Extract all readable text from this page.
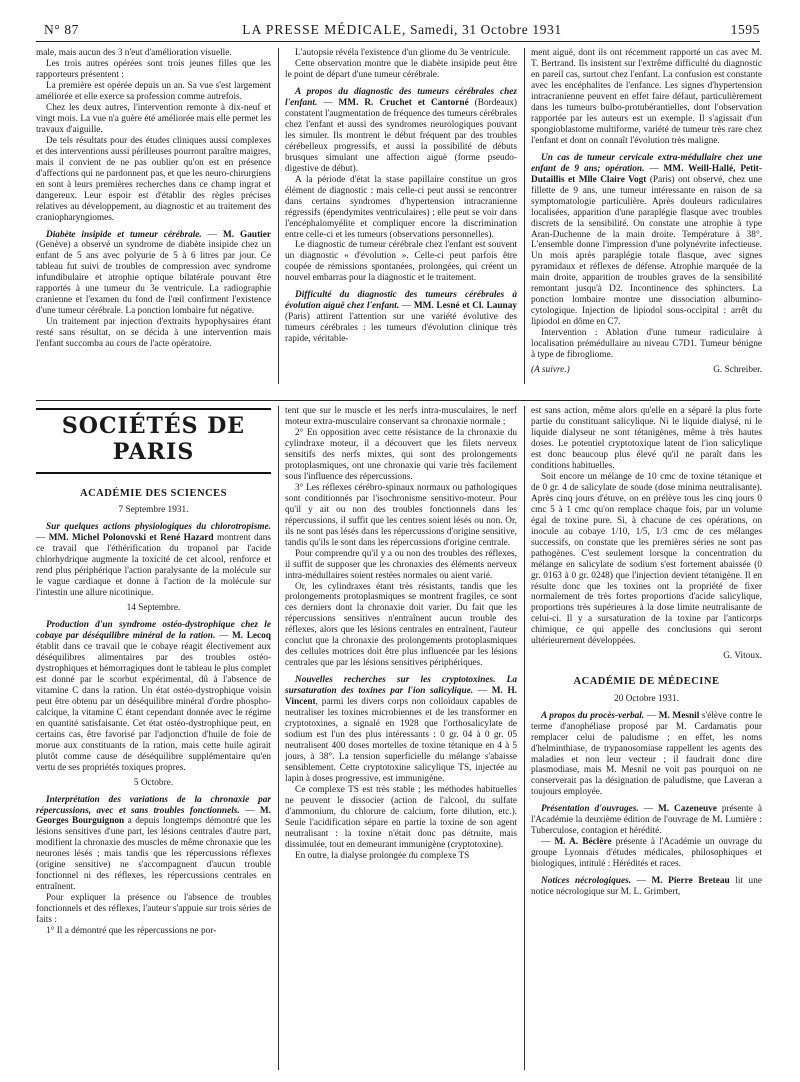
N° 87	LA PRESSE MÉDICALE, Samedi, 31 Octobre 1931	1595

male, mais aucun des 3 n'eut d'amélioration visuelle.

Les trois autres opérées sont trois jeunes filles que les rapporteurs présentent :

La première est opérée depuis un an. Sa vue s'est largement améliorée et elle exerce sa profession comme autrefois.

Chez les deux autres, l'intervention remonte à dix-neuf et vingt mois. La vue n'a guère été améliorée mais elle permet les travaux d'aiguille.

De tels résultats pour des études cliniques aussi complexes et des interventions aussi périlleuses pourront paraître maigres, mais il convient de ne pas oublier qu'on est en présence d'affections qui ne pardonnent pas, et que les neuro-chirurgiens en sont à leurs premières recherches dans ce champ ingrat et dangereux. Leur espoir est d'établir des règles précises relatives au développement, au diagnostic et au traitement des craniopharyngiomes.

Diabète insipide et tumeur cérébrale. — M. Gautier (Genève) a observé un syndrome de diabète insipide chez un enfant de 5 ans avec polyurie de 5 à 6 litres par jour. Ce tableau fut suivi de troubles de compression avec syndrome infundibulaire et atrophie optique bilatérale pouvant être rapportés à une tumeur du 3e ventricule. La radiographie cranienne et l'examen du fond de l'œil confirment l'existence d'une tumeur cérébrale. La ponction lombaire fut négative.

Un traitement par injection d'extraits hypophysaires étant resté sans résultat, on se décida à une intervention mais l'enfant succomba au cours de l'acte opératoire.

L'autopsie révéla l'existence d'un gliome du 3e ventricule.

Cette observation montre que le diabète insipide peut être le point de départ d'une tumeur cérébrale.

A propos du diagnostic des tumeurs cérébrales chez l'enfant. — MM. R. Cruchet et Cantorné (Bordeaux) constatent l'augmentation de fréquence des tumeurs cérébrales chez l'enfant et aussi des syndromes neurologiques pouvant les simuler. Ils montrent le début fréquent par des troubles cérébelleux progressifs, et aussi la possibilité de débuts brusques simulant une affection aiguë (forme pseudo-digestive de début).

A la période d'état la stase papillaire constitue un gros élément de diagnostic : mais celle-ci peut aussi se rencontrer dans certains syndromes d'hypertension intracranienne régressifs (épendymites ventriculaires) ; elle peut se voir dans l'encéphalomyélite et compliquer encore la discrimination entre celle-ci et les tumeurs (observations personnelles).

Le diagnostic de tumeur cérébrale chez l'enfant est souvent un diagnostic « d'évolution ». Celle-ci peut parfois être coupée de rémissions spontanées, prolongées, qui créent un nouvel embarras pour la diagnostic et le traitement.

Difficulté du diagnostic des tumeurs cérébrales à évolution aiguë chez l'enfant. — MM. Lesné et Cl. Launay (Paris) attirent l'attention sur une variété évolutive des tumeurs cérébrales : les tumeurs d'évolution clinique très rapide, véritable-

ment aiguë, dont ils ont récemment rapporté un cas avec M. T. Bertrand. Ils insistent sur l'extrême difficulté du diagnostic en pareil cas, surtout chez l'enfant. La confusion est constante avec les encéphalites de l'enfance. Les signes d'hypertension intracranienne peuvent en effet faire défaut, particulièrement dans les tumeurs bulbo-protubérantielles, dont l'observation rapportée par les auteurs est un exemple. Il s'agissait d'un spongioblastome multiforme, variété de tumeur très rare chez l'enfant et dont on connaît l'évolution très maligne.

Un cas de tumeur cervicale extra-médullaire chez une enfant de 9 ans; opération. — MM. Weill-Hallé, Petit-Dutaillis et Mlle Claire Vogt (Paris) ont observé, chez une fillette de 9 ans, une tumeur intéressante en raison de sa symptomatologie particulière. Après douleurs radiculaires localisées, apparition d'une paraplégie flasque avec troubles discrets de la sensibilité. On constate une atrophie à type Aran-Duchenne de la main droite. Température à 38°. L'ensemble donne l'impression d'une polynévrite infectieuse. Un mois après paraplégie totale flasque, avec signes pyramidaux et réflexes de défense. Atrophie marquée de la main droite, apparition de troubles graves de la sensibilité remontant jusqu'à D2. Incontinence des sphincters. La ponction lombaire montre une dissociation albumino-cytologique. Injection de lipiodol sous-occipital : arrêt du lipiodol en dôme en C7.

Intervention : Ablation d'une tumeur radiculaire à localisation prémédullaire au niveau C7D1. Tumeur bénigne à type de fibrogliome.

(A suivre.)	G. Schreiber.
SOCIÉTÉS DE PARIS
ACADÉMIE DES SCIENCES
7 Septembre 1931.

Sur quelques actions physiologiques du chlorotropisme. — MM. Michel Polonovski et René Hazard montrent dans ce travail que l'éthérification du tropanol par l'acide chlorhydrique augmente la toxicité de cet alcool, renforce et rend plus périphérique l'action paralysante de la molécule sur le vague cardiaque et donne à l'action de la molécule sur l'intestin une allure nicotinique.

14 Septembre.

Production d'un syndrome ostéo-dystrophique chez le cobaye par déséquilibre minéral de la ration. — M. Lecoq établit dans ce travail que le cobaye réagit électivement aux déséquilibres alimentaires par des troubles ostéo-dystrophiques et hémorragiques dont le tableau le plus complet est donné par le scorbut expérimental, dû à l'absence de vitamine C dans la ration. Un état ostéo-dystrophique voisin peut être obtenu par un déséquilibre minéral d'ordre phospho-calcique, la vitamine C étant cependant donnée avec le régime en quantité satisfaisante. Cet état ostéo-dystrophique peut, en certains cas, être favorisé par l'adjonction d'huile de foie de morue aux constituants de la ration, mais cette huile agirait plutôt comme cause de déséquilibre supplémentaire qu'en vertu de ses propriétés toxiques propres.

5 Octobre.

Interprétation des variations de la chronaxie par répercussions, avec et sans troubles fonctionnels. — M. Georges Bourguignon a depuis longtemps démontré que les lésions sensitives d'une part, les lésions centrales d'autre part, modifient la chronaxie des muscles de même chronaxie que les neurones lésés ; mais tandis que les répercussions réflexes (origine sensitive) ne s'accompagnent d'aucun trouble fonctionnel ni des réflexes, les répercussions centrales en entraînent.

Pour expliquer la présence ou l'absence de troubles fonctionnels et des réflexes, l'auteur s'appuie sur trois séries de faits :

1° Il a démontré que les répercussions ne por-

tent que sur le muscle et les nerfs intra-musculaires, le nerf moteur extra-musculaire conservant sa chronaxie normale ;

2° En opposition avec cette résistance de la chronaxie du cylindraxe moteur, il a découvert que les filets nerveux sensitifs des nerfs mixtes, qui sont des prolongements protoplasmiques, ont une chronaxie qui varie très facilement sous l'influence des répercussions.

3° Les réflexes cérébro-spinaux normaux ou pathologiques sont conditionnés par l'isochronisme sensitivo-moteur. Pour qu'il y ait ou non des troubles fonctionnels dans les répercussions, il suffit que les centres soient lésés ou non. Or, ils ne sont pas lésés dans les répercussions d'origine sensitive, tandis qu'ils le sont dans les répercussions d'origine centrale.

Pour comprendre qu'il y a ou non des troubles des réflexes, il suffit de supposer que les chronaxies des éléments nerveux intra-médullaires soient restées normales ou aient varié.

Or, les cylindraxes étant très résistants, tandis que les prolongements protoplasmiques se montrent fragiles, ce sont ces derniers dont la chronaxie doit varier. Du fait que les répercussions sensitives n'entraînent aucun trouble des réflexes, alors que les lésions centrales en entraînent, l'auteur conclut que la chronaxie des prolongements protoplasmiques des cellules motrices doit être plus influencée par les lésions centrales que par les lésions sensitives périphériques.

Nouvelles recherches sur les cryptotoxines. La sursaturation des toxines par l'ion salicylique. — M. H. Vincent, parmi les divers corps non colloïdaux capables de neutraliser les toxines microbiennes et de les transformer en cryptotoxines, a signalé en 1928 que l'orthosalicylate de sodium est l'un des plus intéressants : 0 gr. 04 à 0 gr. 05 neutralisent 400 doses mortelles de toxine tétanique en 4 à 5 jours, à 38°. La tension superficielle du mélange s'abaisse sensiblement. Cette cryptotoxine salicylique TS, injectée au lapin à doses progressive, est immunigène.

Ce complexe TS est très stable ; les méthodes habituelles ne peuvent le dissocier (action de l'alcool, du sulfate d'ammonium, du chlorure de calcium, forte dilution, etc.). Seule l'acidification sépare en partie la toxine de son agent neutralisant : la toxine n'était donc pas détruite, mais dissimulée, tout en demeurant immunigène (cryptotoxine).

En outre, la dialyse prolongée du complexe TS

est sans action, même alors qu'elle en a séparé la plus forte partie du constituant salicylique. Ni le liquide dialysé, ni le liquide dialyseur ne sont tétanigènes, même à très hautes doses. Le potentiel cryptotoxique latent de l'ion salicylique est donc beaucoup plus élevé qu'il ne paraît dans les conditions habituelles.

Soit encore un mélange de 10 cmc de toxine tétanique et de 0 gr. 4 de salicylate de soude (dose minima neutralisante). Après cinq jours d'étuve, on en prélève tous les cinq jours 0 cmc 5 à 1 cmc qu'on remplace chaque fois, par un volume égal de toxine pure. Si, à chacune de ces opérations, on inocule au cobaye 1/10, 1/5, 1/3 cmc de ces mélanges successifs, on constate que les premières séries ne sont pas pathogènes. C'est seulement lorsque la concentration du mélange en salicylate de sodium s'est fortement abaissée (0 gr. 0163 à 0 gr. 0248) que l'injection devient tétanigène. Il en résulte donc que les toxines ont la propriété de fixer normalement de très fortes proportions d'acide salicylique, proportions très supérieures à la dose limite neutralisante de celui-ci. Il y a sursaturation de la toxine par l'anticorps chimique, ce qui appelle des conclusions qui seront ultérieurement développées.

G. Vitoux.

ACADÉMIE DE MÉDECINE
20 Octobre 1931.

A propos du procès-verbal. — M. Mesnil s'élève contre le terme d'anophéliase proposé par M. Cardamatis pour remplacer celui de paludisme ; en effet, les noms d'helminthiase, de trypanosomiase rappellent les agents des maladies et non leur vecteur ; il faudrait donc dire plasmodiase, mais M. Mesnil ne voit pas pourquoi on ne conserverait pas la désignation de paludisme, que Laveran a toujours employée.

Présentation d'ouvrages. — M. Cazeneuve présente à l'Académie la deuxième édition de l'ouvrage de M. Lumière : Tuberculose, contagion et hérédité.

— M. A. Béclère présente à l'Académie un ouvrage du groupe Lyonnais d'études médicales, philosophiques et biologiques, intitulé : Hérédités et races.

Notices nécrologiques. — M. Pierre Breteau lit une notice nécrologique sur M. L. Grimbert,
